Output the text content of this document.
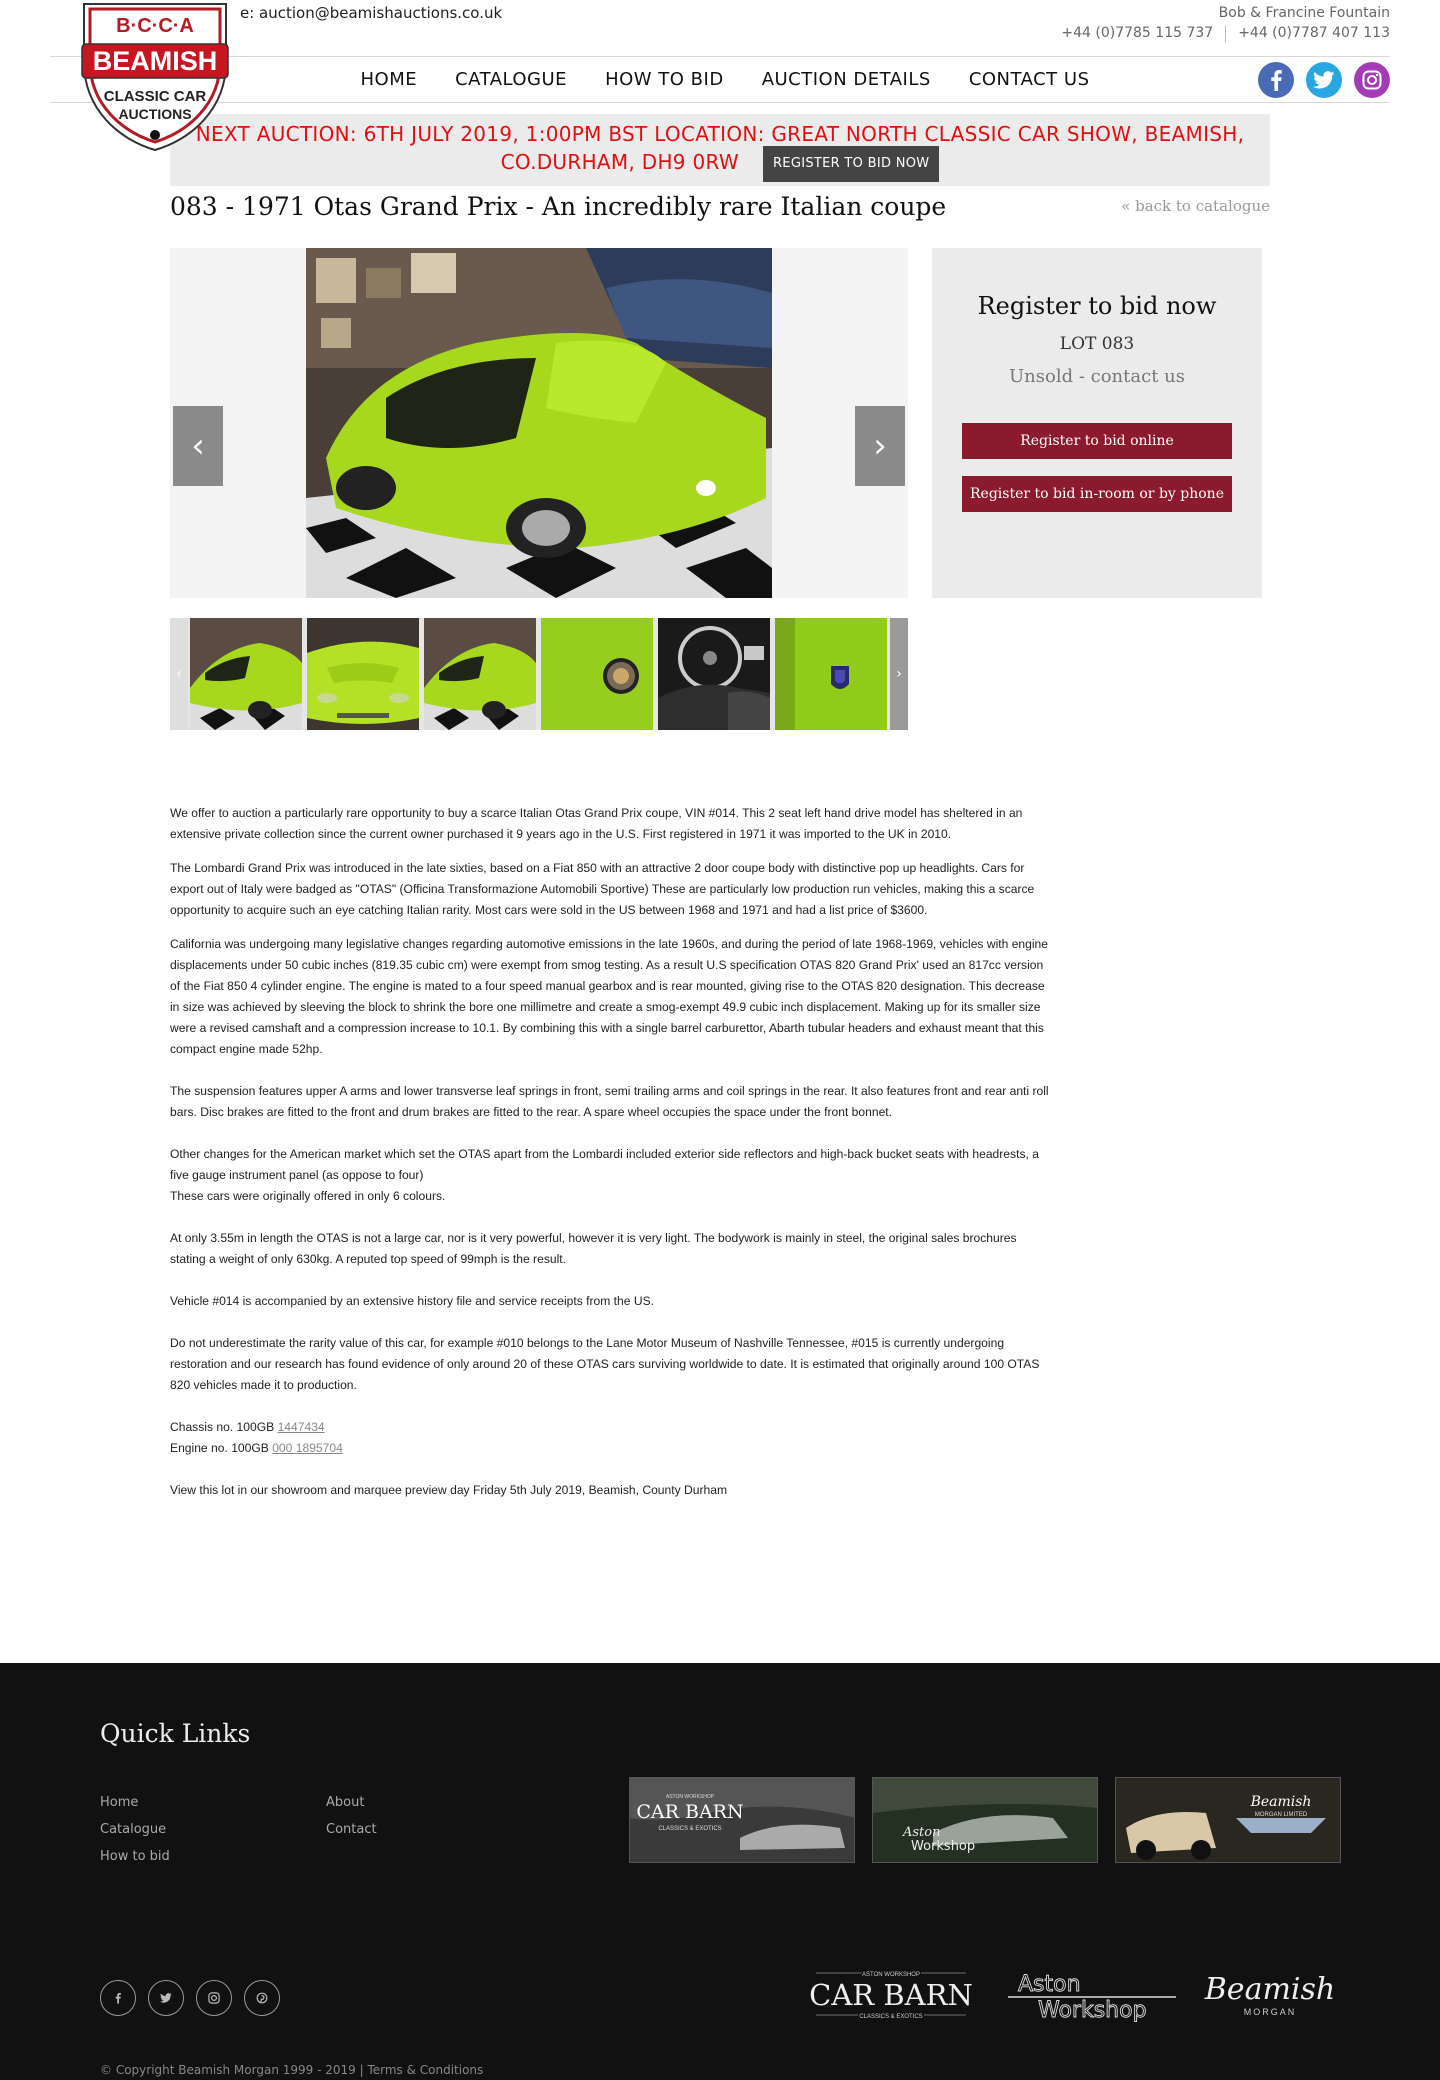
e: auction@beamishauctions.co.uk	Bob & Francine Fountain
+44 (0)7785 115 737 +44 (0)7787 407 113
HOME CATALOGUE HOW TO BID AUCTION DETAILS CONTACT US
B·C·C·A
BEAMISH
CLASSIC CAR
AUCTIONS
NEXT AUCTION: 6TH JULY 2019, 1:00PM BST LOCATION: GREAT NORTH CLASSIC CAR SHOW, BEAMISH,
CO.DURHAM, DH9 0RW	REGISTER TO BID NOW
083 - 1971 Otas Grand Prix - An incredibly rare Italian coupe	« back to catalogue
‹	›
‹	›
Register to bid now
LOT 083
Unsold - contact us
Register to bid online
Register to bid in-room or by phone

We offer to auction a particularly rare opportunity to buy a scarce Italian Otas Grand Prix coupe, VIN #014. This 2 seat left hand drive model has sheltered in an extensive private collection since the current owner purchased it 9 years ago in the U.S. First registered in 1971 it was imported to the UK in 2010.

The Lombardi Grand Prix was introduced in the late sixties, based on a Fiat 850 with an attractive 2 door coupe body with distinctive pop up headlights. Cars for export out of Italy were badged as "OTAS" (Officina Transformazione Automobili Sportive) These are particularly low production run vehicles, making this a scarce opportunity to acquire such an eye catching Italian rarity. Most cars were sold in the US between 1968 and 1971 and had a list price of $3600.

California was undergoing many legislative changes regarding automotive emissions in the late 1960s, and during the period of late 1968-1969, vehicles with engine displacements under 50 cubic inches (819.35 cubic cm) were exempt from smog testing. As a result U.S specification OTAS 820 Grand Prix' used an 817cc version of the Fiat 850 4 cylinder engine. The engine is mated to a four speed manual gearbox and is rear mounted, giving rise to the OTAS 820 designation. This decrease in size was achieved by sleeving the block to shrink the bore one millimetre and create a smog-exempt 49.9 cubic inch displacement. Making up for its smaller size were a revised camshaft and a compression increase to 10.1. By combining this with a single barrel carburettor, Abarth tubular headers and exhaust meant that this compact engine made 52hp.

The suspension features upper A arms and lower transverse leaf springs in front, semi trailing arms and coil springs in the rear. It also features front and rear anti roll bars. Disc brakes are fitted to the front and drum brakes are fitted to the rear. A spare wheel occupies the space under the front bonnet.

Other changes for the American market which set the OTAS apart from the Lombardi included exterior side reflectors and high-back bucket seats with headrests, a five gauge instrument panel (as oppose to four)

These cars were originally offered in only 6 colours.

At only 3.55m in length the OTAS is not a large car, nor is it very powerful, however it is very light. The bodywork is mainly in steel, the original sales brochures stating a weight of only 630kg. A reputed top speed of 99mph is the result.

Vehicle #014 is accompanied by an extensive history file and service receipts from the US.

Do not underestimate the rarity value of this car, for example #010 belongs to the Lane Motor Museum of Nashville Tennessee, #015 is currently undergoing restoration and our research has found evidence of only around 20 of these OTAS cars surviving worldwide to date. It is estimated that originally around 100 OTAS 820 vehicles made it to production.

Chassis no. 100GB 1447434

Engine no. 100GB 000 1895704

View this lot in our showroom and marquee preview day Friday 5th July 2019, Beamish, County Durham

Quick Links
Home
Catalogue
How to bid
About
Contact
ASTON WORKSHOP
CAR BARN
CLASSICS & EXOTICS	Aston
Workshop
Beamish
MORGAN LIMITED
ASTON WORKSHOP
CAR BARN
CLASSICS & EXOTICS
Aston
Workshop
Beamish
MORGAN
© Copyright Beamish Morgan 1999 - 2019 | Terms & Conditions
